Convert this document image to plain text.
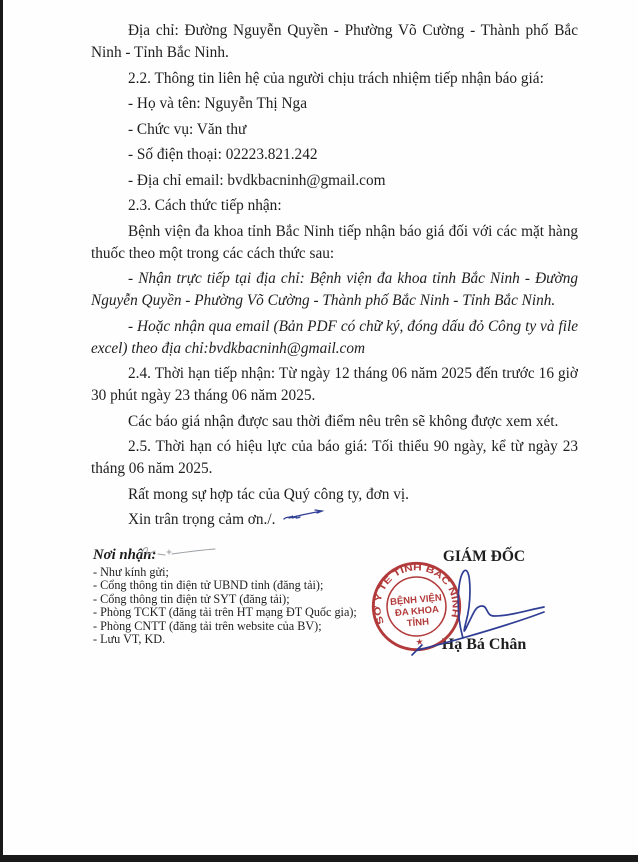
Địa chỉ: Đường Nguyễn Quyền - Phường Võ Cường - Thành phố Bắc Ninh - Tỉnh Bắc Ninh.

2.2. Thông tin liên hệ của người chịu trách nhiệm tiếp nhận báo giá:

- Họ và tên: Nguyễn Thị Nga

- Chức vụ: Văn thư

- Số điện thoại: 02223.821.242

- Địa chỉ email: bvdkbacninh@gmail.com

2.3. Cách thức tiếp nhận:

Bệnh viện đa khoa tỉnh Bắc Ninh tiếp nhận báo giá đối với các mặt hàng thuốc theo một trong các cách thức sau:

- Nhận trực tiếp tại địa chỉ: Bệnh viện đa khoa tỉnh Bắc Ninh - Đường Nguyễn Quyền - Phường Võ Cường - Thành phố Bắc Ninh - Tỉnh Bắc Ninh.

- Hoặc nhận qua email (Bản PDF có chữ ký, đóng dấu đỏ Công ty và file excel) theo địa chỉ:bvdkbacninh@gmail.com

2.4. Thời hạn tiếp nhận: Từ ngày 12 tháng 06 năm 2025 đến trước 16 giờ 30 phút ngày 23 tháng 06 năm 2025.

Các báo giá nhận được sau thời điểm nêu trên sẽ không được xem xét.

2.5. Thời hạn có hiệu lực của báo giá: Tối thiểu 90 ngày, kể từ ngày 23 tháng 06 năm 2025.

Rất mong sự hợp tác của Quý công ty, đơn vị.

Xin trân trọng cảm ơn./.

Nơi nhận:
- Như kính gửi;
- Cổng thông tin điện tử UBND tỉnh (đăng tải);
- Cổng thông tin điện tử SYT (đăng tải);
- Phòng TCKT (đăng tải trên HT mạng ĐT Quốc gia);
- Phòng CNTT (đăng tải trên website của BV);
- Lưu VT, KD.
GIÁM ĐỐC
Hạ Bá Chân
SỞ Y TẾ TỈNH BẮC NINH
BỆNH VIỆN
ĐA KHOA
TỈNH
★
